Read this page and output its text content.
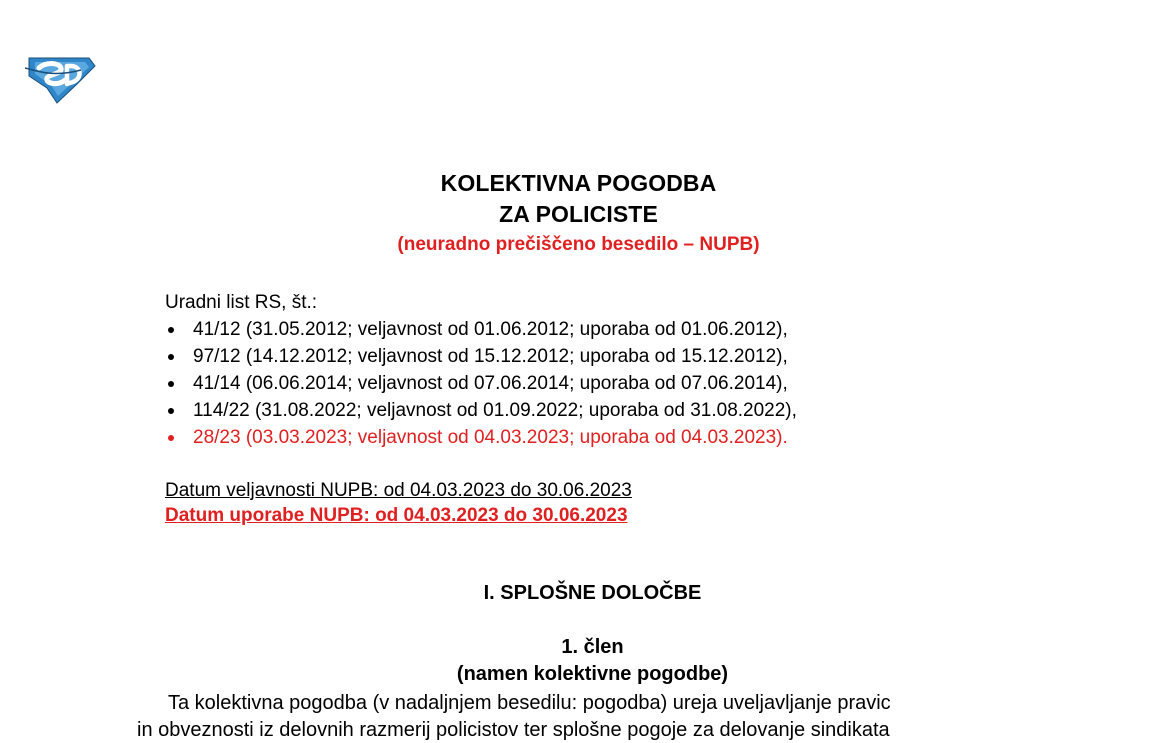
KOLEKTIVNA POGODBA
ZA POLICISTE
(neuradno prečiščeno besedilo – NUPB)
Uradni list RS, št.:
41/12 (31.05.2012; veljavnost od 01.06.2012; uporaba od 01.06.2012),
97/12 (14.12.2012; veljavnost od 15.12.2012; uporaba od 15.12.2012),
41/14 (06.06.2014; veljavnost od 07.06.2014; uporaba od 07.06.2014),
114/22 (31.08.2022; veljavnost od 01.09.2022; uporaba od 31.08.2022),
28/23 (03.03.2023; veljavnost od 04.03.2023; uporaba od 04.03.2023).
Datum veljavnosti NUPB: od 04.03.2023 do 30.06.2023
Datum uporabe NUPB: od 04.03.2023 do 30.06.2023
I. SPLOŠNE DOLOČBE
1. člen
(namen kolektivne pogodbe)
Ta kolektivna pogodba (v nadaljnjem besedilu: pogodba) ureja uveljavljanje pravic
in obveznosti iz delovnih razmerij policistov ter splošne pogoje za delovanje sindikata
